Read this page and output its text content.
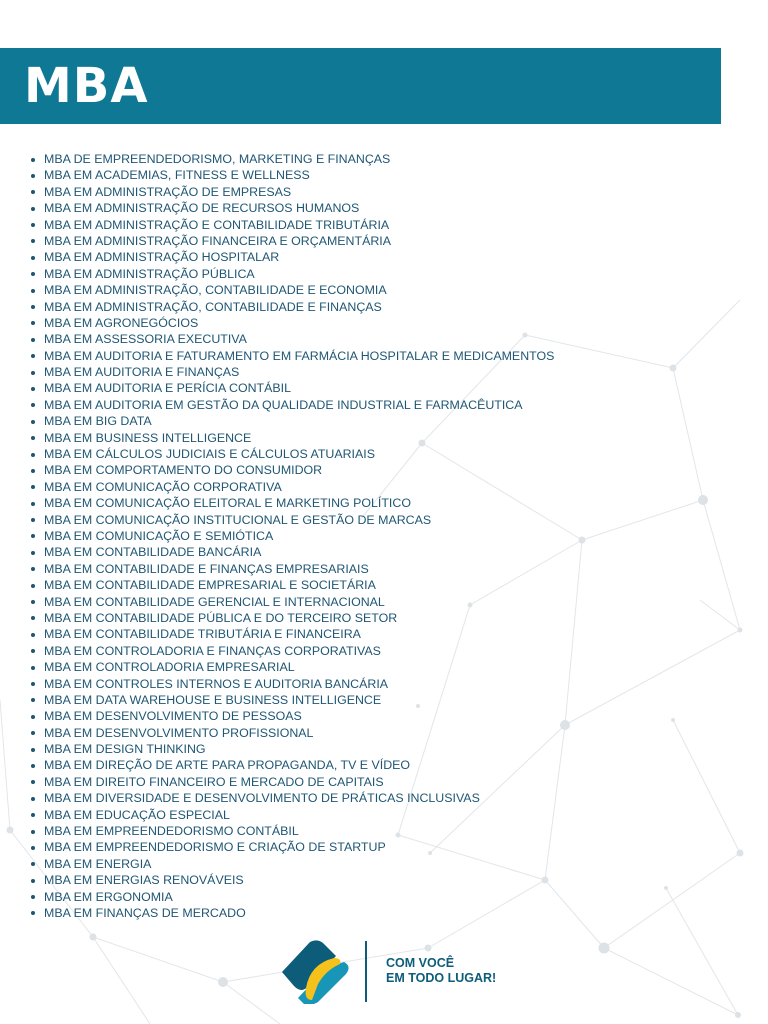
MBA
MBA DE EMPREENDEDORISMO, MARKETING E FINANÇAS
MBA EM ACADEMIAS, FITNESS E WELLNESS
MBA EM ADMINISTRAÇÃO DE EMPRESAS
MBA EM ADMINISTRAÇÃO DE RECURSOS HUMANOS
MBA EM ADMINISTRAÇÃO E CONTABILIDADE TRIBUTÁRIA
MBA EM ADMINISTRAÇÃO FINANCEIRA E ORÇAMENTÁRIA
MBA EM ADMINISTRAÇÃO HOSPITALAR
MBA EM ADMINISTRAÇÃO PÚBLICA
MBA EM ADMINISTRAÇÃO, CONTABILIDADE E ECONOMIA
MBA EM ADMINISTRAÇÃO, CONTABILIDADE E FINANÇAS
MBA EM AGRONEGÓCIOS
MBA EM ASSESSORIA EXECUTIVA
MBA EM AUDITORIA E FATURAMENTO EM FARMÁCIA HOSPITALAR E MEDICAMENTOS
MBA EM AUDITORIA E FINANÇAS
MBA EM AUDITORIA E PERÍCIA CONTÁBIL
MBA EM AUDITORIA EM GESTÃO DA QUALIDADE INDUSTRIAL E FARMACÊUTICA
MBA EM BIG DATA
MBA EM BUSINESS INTELLIGENCE
MBA EM CÁLCULOS JUDICIAIS E CÁLCULOS ATUARIAIS
MBA EM COMPORTAMENTO DO CONSUMIDOR
MBA EM COMUNICAÇÃO CORPORATIVA
MBA EM COMUNICAÇÃO ELEITORAL E MARKETING POLÍTICO
MBA EM COMUNICAÇÃO INSTITUCIONAL E GESTÃO DE MARCAS
MBA EM COMUNICAÇÃO E SEMIÓTICA
MBA EM CONTABILIDADE BANCÁRIA
MBA EM CONTABILIDADE E FINANÇAS EMPRESARIAIS
MBA EM CONTABILIDADE EMPRESARIAL E SOCIETÁRIA
MBA EM CONTABILIDADE GERENCIAL E INTERNACIONAL
MBA EM CONTABILIDADE PÚBLICA E DO TERCEIRO SETOR
MBA EM CONTABILIDADE TRIBUTÁRIA E FINANCEIRA
MBA EM CONTROLADORIA E FINANÇAS CORPORATIVAS
MBA EM CONTROLADORIA EMPRESARIAL
MBA EM CONTROLES INTERNOS E AUDITORIA BANCÁRIA
MBA EM DATA WAREHOUSE E BUSINESS INTELLIGENCE
MBA EM DESENVOLVIMENTO DE PESSOAS
MBA EM DESENVOLVIMENTO PROFISSIONAL
MBA EM DESIGN THINKING
MBA EM DIREÇÃO DE ARTE PARA PROPAGANDA, TV E VÍDEO
MBA EM DIREITO FINANCEIRO E MERCADO DE CAPITAIS
MBA EM DIVERSIDADE E DESENVOLVIMENTO DE PRÁTICAS INCLUSIVAS
MBA EM EDUCAÇÃO ESPECIAL
MBA EM EMPREENDEDORISMO CONTÁBIL
MBA EM EMPREENDEDORISMO E CRIAÇÃO DE STARTUP
MBA EM ENERGIA
MBA EM ENERGIAS RENOVÁVEIS
MBA EM ERGONOMIA
MBA EM FINANÇAS DE MERCADO
COM VOCÊ
EM TODO LUGAR!
